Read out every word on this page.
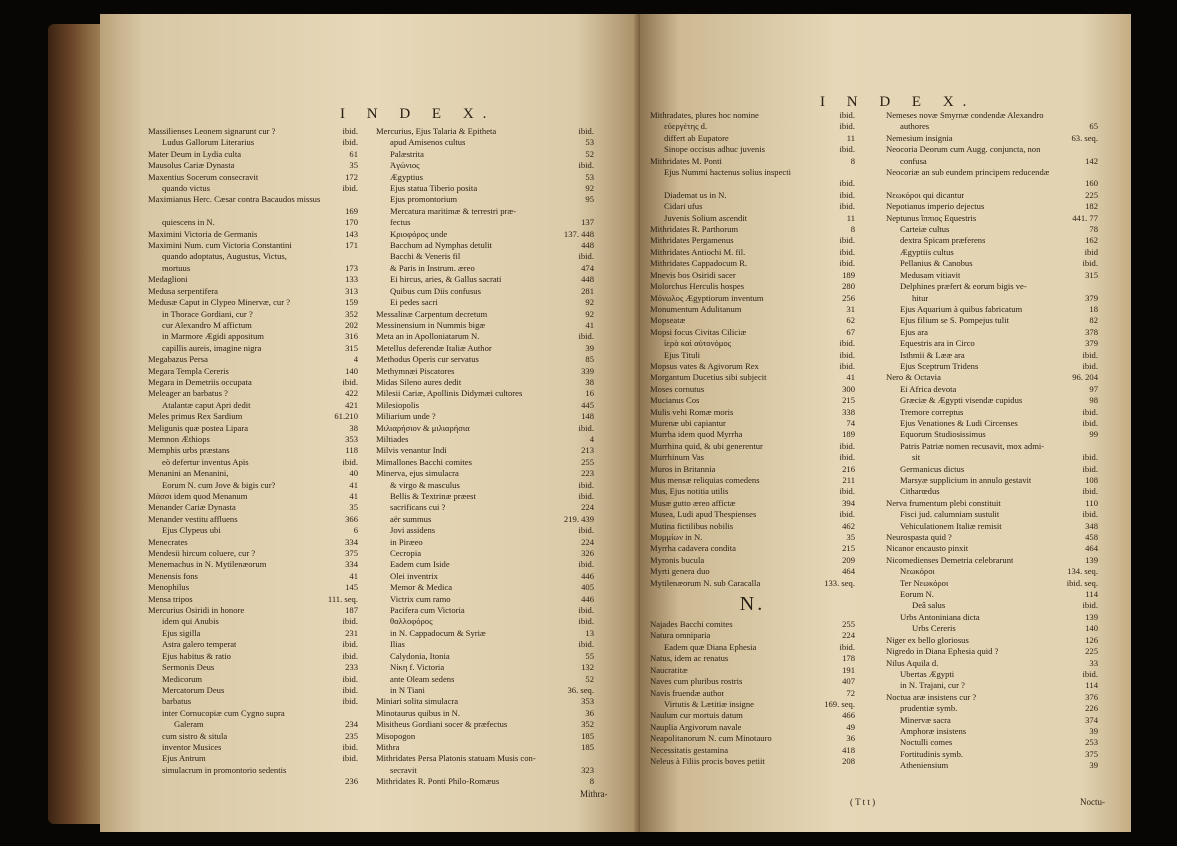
I N D E X.
Massilienses Leonem signarunt cur ?	ibid.
Ludus Gallorum Literarius	ibid.
Mater Deum in Lydia culta	61
Mausolus Cariæ Dynasta	35
Maxentius Socerum consecravit	172
quando victus	ibid.
Maximianus Herc. Cæsar contra Bacaudos missus
169
quiescens in N.	170
Maximini Victoria de Germanis	143
Maximini Num. cum Victoria Constantini	171
quando adoptatus, Augustus, Victus,
mortuus	173
Medaglioni	133
Medusa serpentifera	313
Medusæ Caput in Clypeo Minervæ, cur ?	159
in Thorace Gordiani, cur ?	352
cur Alexandro M affictum	202
in Marmore Ægidi appositum	316
capillis aureis, imagine nigra	315
Megabazus Persa	4
Megara Templa Cereris	140
Megara in Demetriis occupata	ibid.
Meleager an barbatus ?	422
Atalantæ caput Apri dedit	421
Meles primus Rex Sardium	61.210
Meligunis quæ postea Lipara	38
Memnon Æthiops	353
Memphis urbs præstans	118
eò defertur inventus Apis	ibid.
Menanini an Menanini,	40
Eorum N. cum Jove & bigis cur?	41
Μάσσι idem quod Menanum	41
Menander Cariæ Dynasta	35
Menander vestitu affluens	366
Ejus Clypeus ubi	6
Menecrates	334
Mendesii hircum coluere, cur ?	375
Menemachus in N. Mytilenæorum	334
Menensis fons	41
Menophilus	145
Mensa tripos	111. seq.
Mercurius Osiridi in honore	187
idem qui Anubis	ibid.
Ejus sigilla	231
Astra galero temperat	ibid.
Ejus habitus & ratio	ibid.
Sermonis Deus	233
Medicorum	ibid.
Mercatorum Deus	ibid.
barbatus	ibid.
inter Cornucopiæ cum Cygno supra
Galeram	234
cum sistro & situla	235
inventor Musices	ibid.
Ejus Antrum	ibid.
simulacrum in promontorio sedentis
236
Mercurius, Ejus Talaria & Epitheta	ibid.
apud Amisenos cultus	53
Palæstrita	52
Ἀγώνιος	ibid.
Ægyptius	53
Ejus statua Tiberio posita	92
Ejus promontorium	95
Mercatura maritimæ & terrestri præ-
fectus	137
Κριοφόρος unde	137. 448
Bacchum ad Nymphas detulit	448
Bacchi & Veneris fil	ibid.
& Paris in Instrum. æreo	474
Ei hircus, aries, & Gallus sacrati	448
Quibus cum Diis confusus	281
Ei pedes sacri	92
Messalinæ Carpentum decretum	92
Messinensium in Nummis bigæ	41
Meta an in Apolloniatarum N.	ibid.
Metellus deferendæ Italiæ Author	39
Methodus Operis cur servatus	85
Methymnæi Piscatores	339
Midas Sileno aures dedit	38
Milesii Cariæ, Apollinis Didymæi cultores	16
Milesiopolis	445
Miliarium unde ?	148
Μιλιαρήσιον & μιλιαρήσια	ibid.
Miltiades	4
Milvis venantur Indi	213
Mimallones Bacchi comites	255
Minerva, ejus simulacra	223
& virgo & masculus	ibid.
Bellis & Textrinæ præest	ibid.
sacrificans cui ?	224
aër summus	219. 439
Jovi assidens	ibid.
in Piræeo	224
Cecropia	326
Eadem cum Iside	ibid.
Olei inventrix	446
Memor & Medica	405
Victrix cum ramo	446
Pacifera cum Victoria	ibid.
θαλλοφόρος	ibid.
in N. Cappadocum & Syriæ	13
Ilias	ibid.
Calydonia, Itonia	55
Νίκη f. Victoria	132
ante Oleam sedens	52
in N Tiani	36. seq.
Miniari solita simulacra	353
Minotaurus quibus in N.	36
Misitheus Gordiani socer & præfectus	352
Misopogon	185
Mithra	185
Mithridates Persa Platonis statuam Musis con-
secravit	323
Mithridates R. Ponti Philo-Romæus	8
Mithra-
I N D E X.
Mithradates, plures hoc nomine	ibid.
εὐεργέτης d.	ibid.
differt ab Eupatore	11
Sinope occisus adhuc juvenis	ibid.
Mithridates M. Ponti	8
Ejus Nummi hactenus solius inspecti
ibid.
Diademat us in N.	ibid.
Cidari ufus	ibid.
Juvenis Solium ascendit	11
Mithridates R. Parthorum	8
Mithridates Pergamenus	ibid.
Mithridates Antiochi M. fil.	ibid.
Mithridates Cappadocum R.	ibid.
Mnevis bos Osiridi sacer	189
Molorchus Herculis hospes	280
Μόνωλος Ægyptiorum inventum	256
Monumentum Adulitanum	31
Mopseatæ	62
Mopsi focus Civitas Ciliciæ	67
ἱερὰ καὶ αὐτονόμος	ibid.
Ejus Tituli	ibid.
Mopsus vates & Agivorum Rex	ibid.
Morgantum Ducetius sibi subjecit	41
Moses cornutus	300
Mucianus Cos	215
Mulis vehi Romæ moris	338
Murenæ ubi capiantur	74
Murrha idem quod Myrrha	189
Murrhina quid, & ubi generentur	ibid.
Murrhinum Vas	ibid.
Muros in Britannia	216
Mus mensæ reliquias comedens	211
Mus, Ejus notitia utilis	ibid.
Musæ gutto æreo affictæ	394
Musea, Ludi apud Thespienses	ibid.
Mutina fictilibus nobilis	462
Μυμμίων in N.	35
Myrrha cadavera condita	215
Myronis bucula	209
Myrti genera duo	464
Mytilenæorum N. sub Caracalla	133. seq.
N.
Najades Bacchi comites	255
Natura omniparia	224
Eadem quæ Diana Ephesia	ibid.
Natus, idem ac renatus	178
Naucratitæ	191
Naves cum pluribus rostris	407
Navis fruendæ author	72
Virtutis & Lætitiæ insigne	169. seq.
Naulum cur mortuis datum	466
Nauplia Argivorum navale	49
Neapolitanorum N. cum Minotauro	36
Necessitatis gestamina	418
Neleus à Filiis procis boves petiit	208
Nemeses novæ Smyrnæ condendæ Alexandro
authores	65
Nemesium insignia	63. seq.
Neocoria Deorum cum Augg. conjuncta, non
confusa	142
Neocoriæ an sub eundem principem reducendæ
160
Νεωκόροι qui dicantur	225
Nepotianus imperio dejectus	182
Neptunus ἵππιος Equestris	441. 77
Carteiæ cultus	78
dextra Spicam præferens	162
Ægyptiis cultus	ibid
Pellanius & Canobus	ibid.
Medusam vitiavit	315
Delphines præfert & eorum bigis ve-
hitur	379
Ejus Aquarium à quibus fabricatum	18
Ejus filium se S. Pompejus tulit	82
Ejus ara	378
Equestris ara in Circo	379
Isthmii & Lææ ara	ibid.
Ejus Sceptrum Tridens	ibid.
Nero & Octavia	96. 204
Ei Africa devota	97
Græciæ & Ægypti visendæ cupidus	98
Tremore correptus	ibid.
Ejus Venationes & Ludi Circenses	ibid.
Equorum Studiosissimus	99
Patris Patriæ nomen recusavit, mox admi-
sit	ibid.
Germanicus dictus	ibid.
Marsyæ supplicium in annulo gestavit	108
Citharœdus	ibid.
Nerva frumentum plebi constituit	110
Fisci jud. calumniam sustulit	ibid.
Vehiculationem Italiæ remisit	348
Neurospasta quid ?	458
Nicanor encausto pinxit	464
Nicomedienses Demetria celebrarunt	139
Νεωκόροι	134. seq.
Ter Νεωκόροι	ibid. seq.
Eorum N.	114
Deâ salus	ibid.
Urbs Antoniniana dicta	139
Urbs Cereris	140
Niger ex bello gloriosus	126
Nigredo in Diana Ephesia quid ?	225
Nilus Aquila d.	33
Ubertas Ægypti	ibid.
in N. Trajani, cur ?	114
Noctua aræ insistens cur ?	376
prudentiæ symb.	226
Minervæ sacra	374
Amphoræ insistens	39
Noctulli comes	253
Fortitudinis symb.	375
Atheniensium	39
( T t t )	Noctu-
